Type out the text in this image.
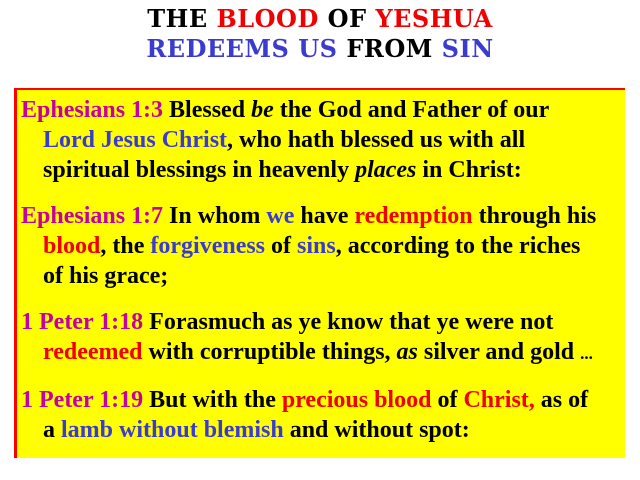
THE BLOOD OF YESHUA
REDEEMS US FROM SIN
Ephesians 1:3 Blessed be the God and Father of our
Lord Jesus Christ, who hath blessed us with all
spiritual blessings in heavenly places in Christ:
Ephesians 1:7 In whom we have redemption through his
blood, the forgiveness of sins, according to the riches
of his grace;
1 Peter 1:18 Forasmuch as ye know that ye were not
redeemed with corruptible things, as silver and gold ...
1 Peter 1:19 But with the precious blood of Christ, as of
a lamb without blemish and without spot:
